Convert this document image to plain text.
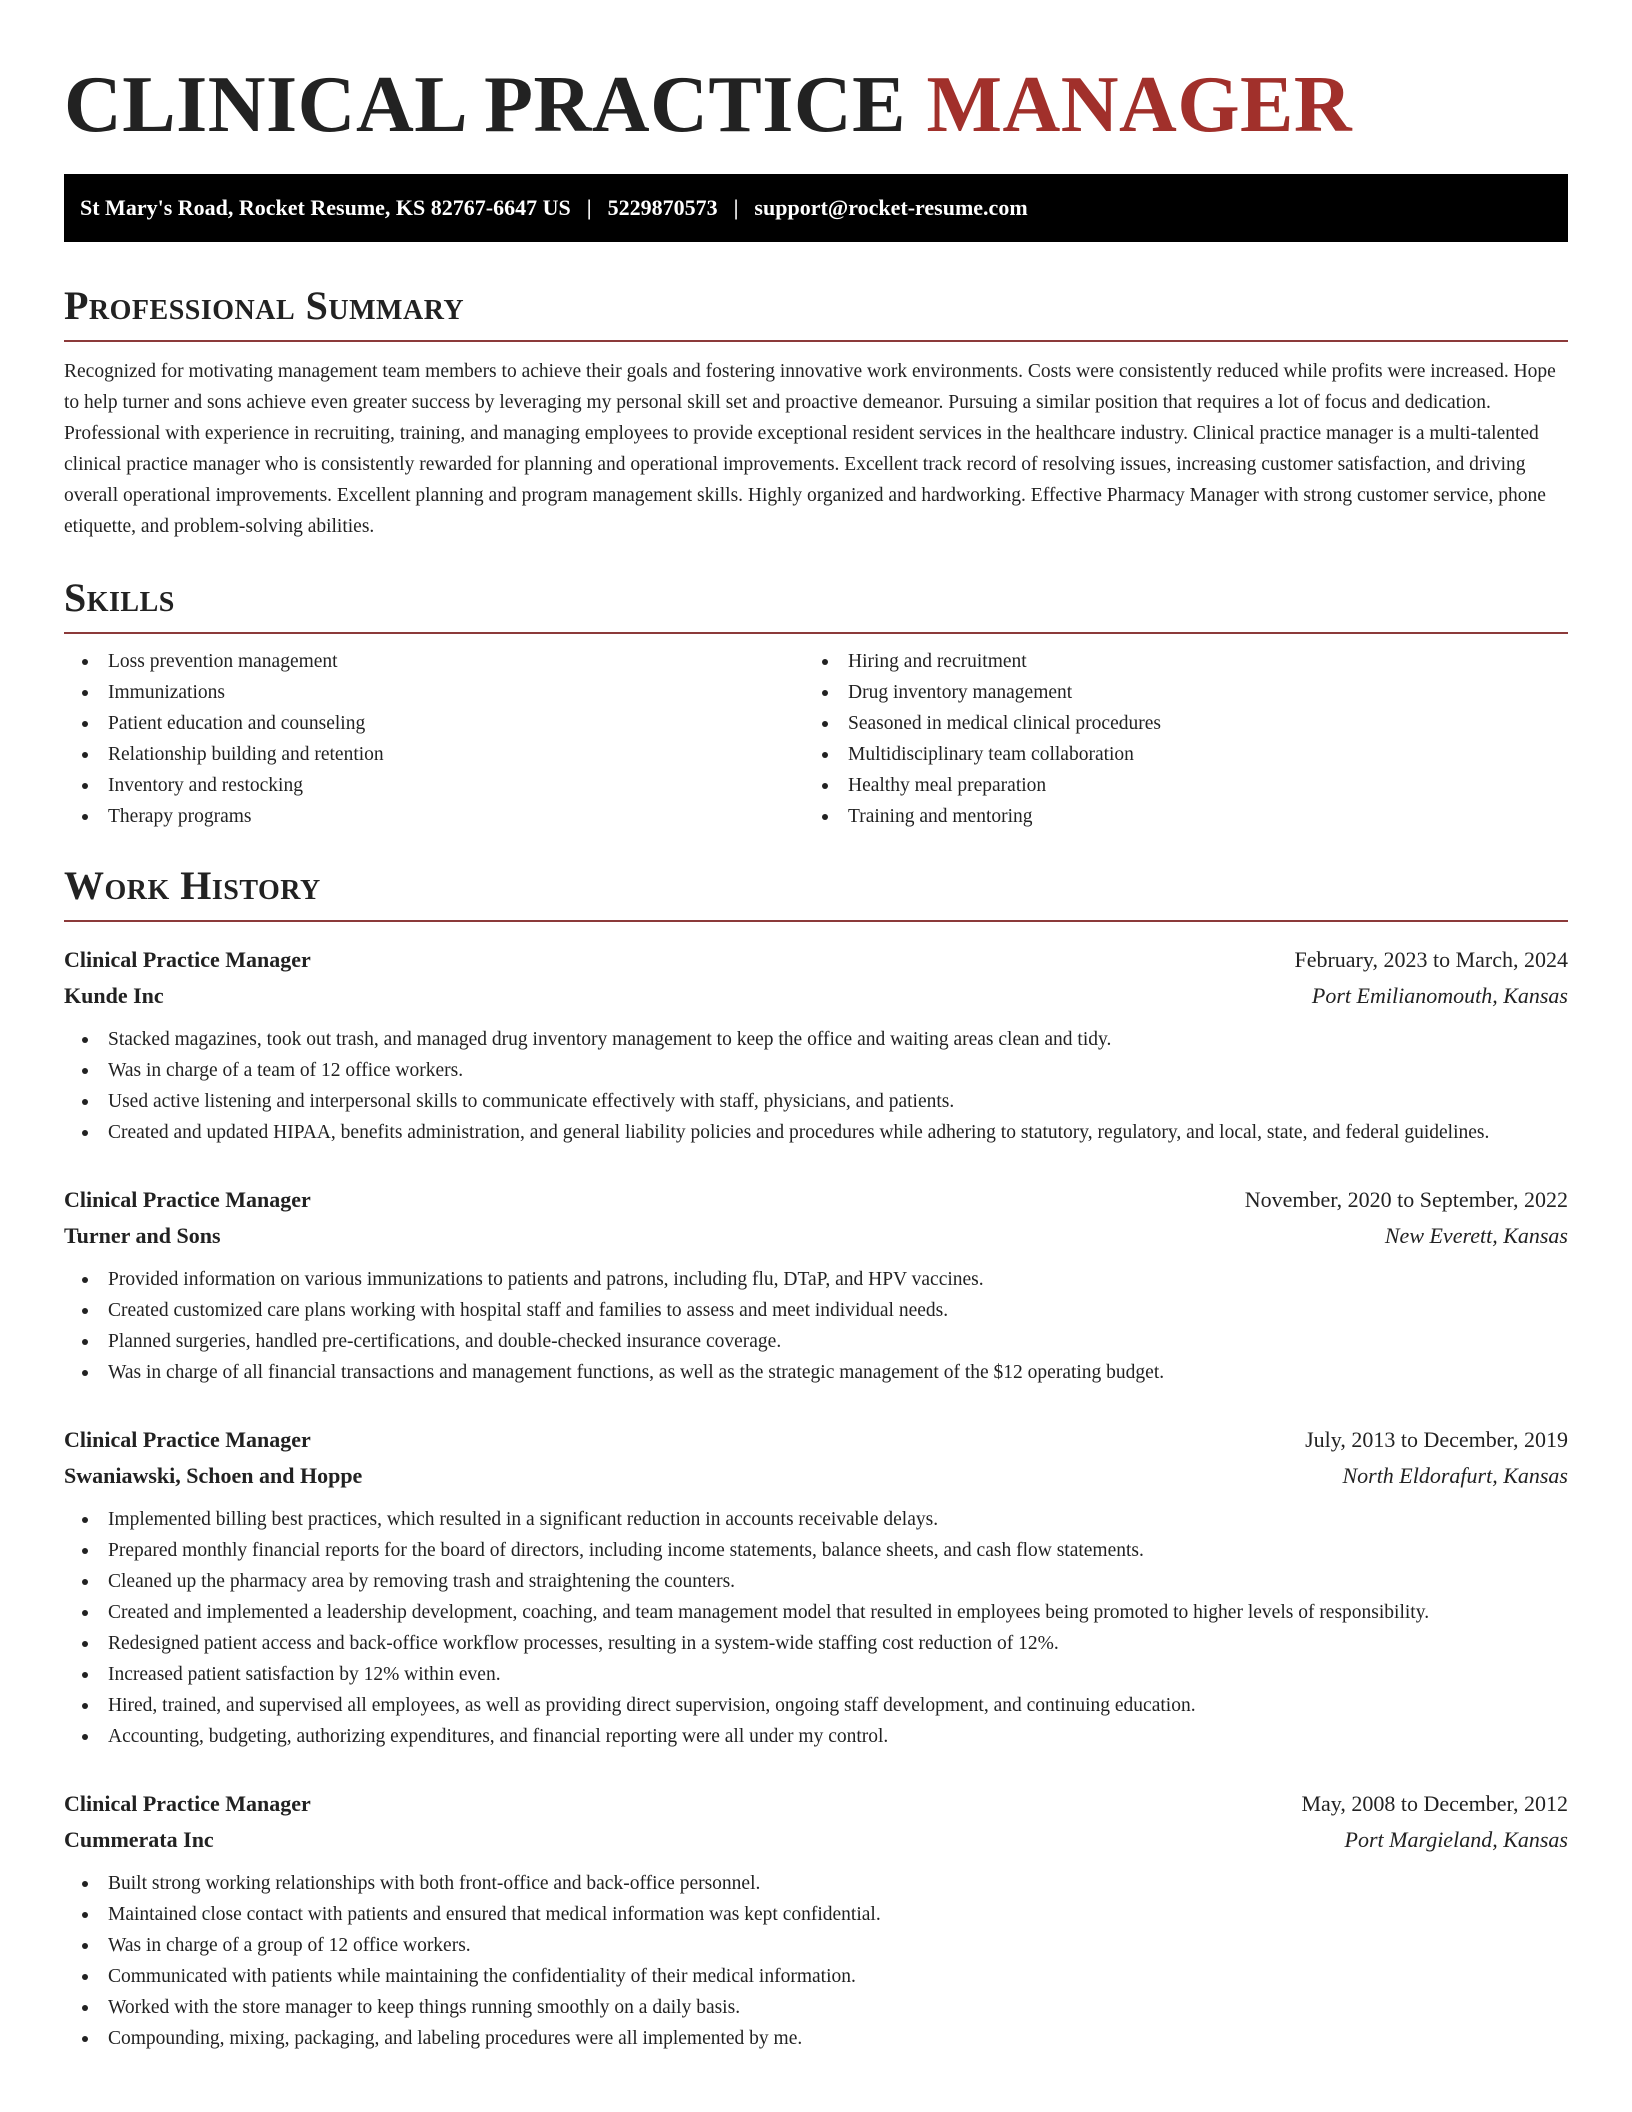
CLINICAL PRACTICE MANAGER
St Mary's Road, Rocket Resume, KS 82767-6647 US | 5229870573 | support@rocket-resume.com
Professional Summary

Recognized for motivating management team members to achieve their goals and fostering innovative work environments. Costs were consistently reduced while profits were increased. Hope to help turner and sons achieve even greater success by leveraging my personal skill set and proactive demeanor. Pursuing a similar position that requires a lot of focus and dedication. Professional with experience in recruiting, training, and managing employees to provide exceptional resident services in the healthcare industry. Clinical practice manager is a multi-talented clinical practice manager who is consistently rewarded for planning and operational improvements. Excellent track record of resolving issues, increasing customer satisfaction, and driving overall operational improvements. Excellent planning and program management skills. Highly organized and hardworking. Effective Pharmacy Manager with strong customer service, phone etiquette, and problem-solving abilities.

Skills
Loss prevention management
Immunizations
Patient education and counseling
Relationship building and retention
Inventory and restocking
Therapy programs
Hiring and recruitment
Drug inventory management
Seasoned in medical clinical procedures
Multidisciplinary team collaboration
Healthy meal preparation
Training and mentoring
Work History
Clinical Practice Manager	February, 2023 to March, 2024
Kunde Inc	Port Emilianomouth, Kansas
Stacked magazines, took out trash, and managed drug inventory management to keep the office and waiting areas clean and tidy.
Was in charge of a team of 12 office workers.
Used active listening and interpersonal skills to communicate effectively with staff, physicians, and patients.
Created and updated HIPAA, benefits administration, and general liability policies and procedures while adhering to statutory, regulatory, and local, state, and federal guidelines.
Clinical Practice Manager	November, 2020 to September, 2022
Turner and Sons	New Everett, Kansas
Provided information on various immunizations to patients and patrons, including flu, DTaP, and HPV vaccines.
Created customized care plans working with hospital staff and families to assess and meet individual needs.
Planned surgeries, handled pre-certifications, and double-checked insurance coverage.
Was in charge of all financial transactions and management functions, as well as the strategic management of the $12 operating budget.
Clinical Practice Manager	July, 2013 to December, 2019
Swaniawski, Schoen and Hoppe	North Eldorafurt, Kansas
Implemented billing best practices, which resulted in a significant reduction in accounts receivable delays.
Prepared monthly financial reports for the board of directors, including income statements, balance sheets, and cash flow statements.
Cleaned up the pharmacy area by removing trash and straightening the counters.
Created and implemented a leadership development, coaching, and team management model that resulted in employees being promoted to higher levels of responsibility.
Redesigned patient access and back-office workflow processes, resulting in a system-wide staffing cost reduction of 12%.
Increased patient satisfaction by 12% within even.
Hired, trained, and supervised all employees, as well as providing direct supervision, ongoing staff development, and continuing education.
Accounting, budgeting, authorizing expenditures, and financial reporting were all under my control.
Clinical Practice Manager	May, 2008 to December, 2012
Cummerata Inc	Port Margieland, Kansas
Built strong working relationships with both front-office and back-office personnel.
Maintained close contact with patients and ensured that medical information was kept confidential.
Was in charge of a group of 12 office workers.
Communicated with patients while maintaining the confidentiality of their medical information.
Worked with the store manager to keep things running smoothly on a daily basis.
Compounding, mixing, packaging, and labeling procedures were all implemented by me.
